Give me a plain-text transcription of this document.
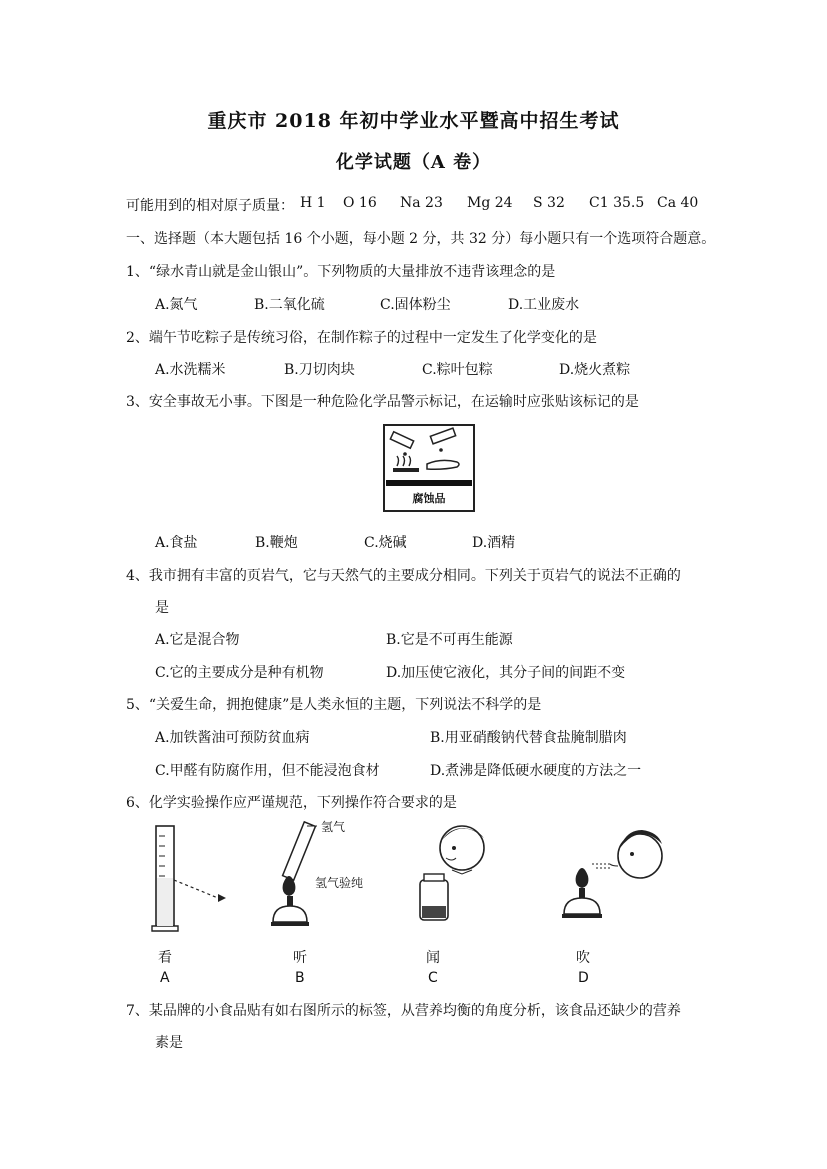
重庆市 2018 年初中学业水平暨高中招生考试
化学试题（A 卷）
可能用到的相对原子质量： H 1 O 16 Na 23 Mg 24 S 32 C1 35.5 Ca 40
一、选择题（本大题包括 16 个小题，每小题 2 分，共 32 分）每小题只有一个选项符合题意。
1、“绿水青山就是金山银山”。下列物质的大量排放不违背该理念的是
A.氮气	B.二氧化硫	C.固体粉尘	D.工业废水
2、端午节吃粽子是传统习俗，在制作粽子的过程中一定发生了化学变化的是
A.水洗糯米	B.刀切肉块	C.粽叶包粽	D.烧火煮粽
3、安全事故无小事。下图是一种危险化学品警示标记，在运输时应张贴该标记的是
腐蚀品
A.食盐	B.鞭炮	C.烧碱	D.酒精
4、我市拥有丰富的页岩气，它与天然气的主要成分相同。下列关于页岩气的说法不正确的
是
A.它是混合物	B.它是不可再生能源
C.它的主要成分是种有机物	D.加压使它液化，其分子间的间距不变
5、“关爱生命，拥抱健康”是人类永恒的主题，下列说法不科学的是
A.加铁酱油可预防贫血病	B.用亚硝酸钠代替食盐腌制腊肉
C.甲醛有防腐作用，但不能浸泡食材	D.煮沸是降低硬水硬度的方法之一
6、化学实验操作应严谨规范，下列操作符合要求的是
看
A
氢气
氢气验纯
听
B
闻
C
吹
D
7、某品牌的小食品贴有如右图所示的标签，从营养均衡的角度分析，该食品还缺少的营养
素是
